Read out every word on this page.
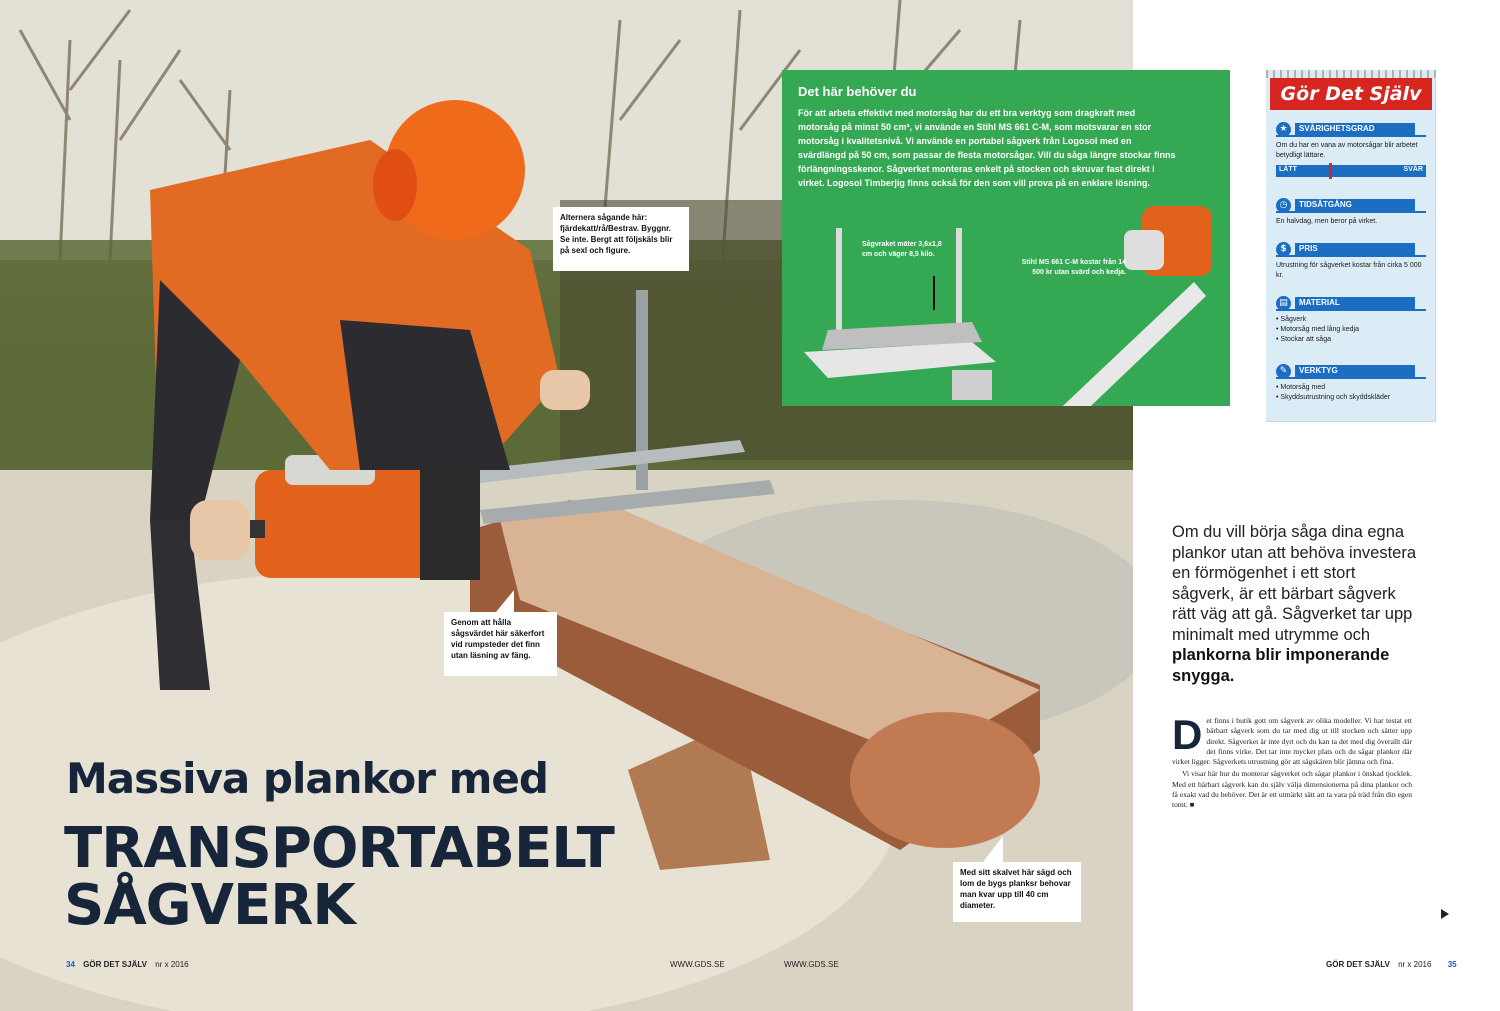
Alternera sågande här: fjärdekatt/rå/Bestrav. Byggnr. Se inte. Bergt att följskäls blir på sexl och figure.
Genom att hålla sågsvärdet här säkerfort vid rumpsteder det finn utan läsning av fäng.
Med sitt skalvet här sägd och lom de bygs planksr behovar man kvar upp till 40 cm diameter.
Massiva plankor med
TRANSPORTABELT
SÅGVERK
34 GÖR DET SJÄLV nr x 2016	WWW.GDS.SE	WWW.GDS.SE	GÖR DET SJÄLV nr x 2016 35
Det här behöver du

För att arbeta effektivt med motorsåg har du ett bra verktyg som dragkraft med motorsåg på minst 50 cm³, vi använde en Stihl MS 661 C-M, som motsvarar en stor motorsåg i kvalitetsnivå. Vi använde en portabel sågverk från Logosol med en svärdlängd på 50 cm, som passar de flesta motorsågar. Vill du såga längre stockar finns förlängningsskenor. Sågverket monteras enkelt på stocken och skruvar fast direkt i virket. Logosol Timberjig finns också för den som vill prova på en enklare lösning.

Sågvraket mäter 3,6x1,8 cm och väger 8,5 kilo.
Stihl MS 661 C-M kostar från 14 500 kr utan svärd och kedja.
Gör Det Själv
★	SVÅRIGHETSGRAD
Om du har en vana av motorsågar blir arbetet betydligt lättare.
LÄTT	SVÅR
◷	TIDSÅTGÅNG
En halvdag, men beror på virket.
$	PRIS
Utrustning för sågverket kostar från cirka 5 000 kr.
▤	MATERIAL
• Sågverk
• Motorsåg med lång kedja
• Stockar att såga
✎	VERKTYG
• Motorsåg med
• Skyddsutrustning och skyddskläder
Om du vill börja såga dina egna plankor utan att behöva investera en förmögenhet i ett stort sågverk, är ett bärbart sågverk rätt väg att gå. Sågverket tar upp minimalt med utrymme och plankorna blir imponerande snygga.
D et finns i butik gott om sågverk av olika modeller. Vi har testat ett bärbart sågverk som du tar med dig ut till stocken och sätter upp direkt. Sågverket är inte dyrt och du kan ta det med dig överallt där det finns virke. Det tar inte mycket plats och du sågar plankor där virket ligger. Sågverkets utrustning gör att sågskären blir jämna och fina.
Vi visar här hur du monterar sågverket och sågar plankor i önskad tjocklek. Med ett bärbart sågverk kan du själv välja dimensionerna på dina plankor och få exakt vad du behöver. Det är ett utmärkt sätt att ta vara på träd från din egen tomt. ■
